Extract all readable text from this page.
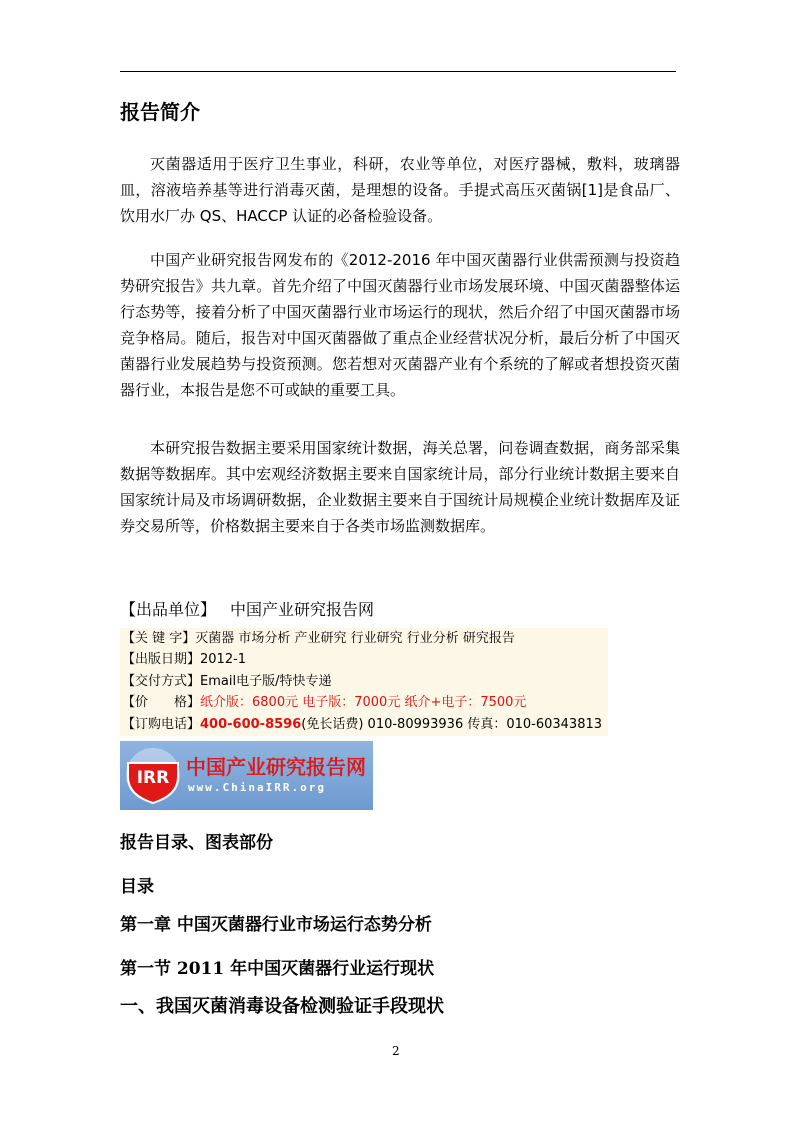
报告简介
灭菌器适用于医疗卫生事业，科研，农业等单位，对医疗器械，敷料，玻璃器皿，溶液培养基等进行消毒灭菌，是理想的设备。手提式高压灭菌锅[1]是食品厂、饮用水厂办 QS、HACCP 认证的必备检验设备。
中国产业研究报告网发布的《2012-2016 年中国灭菌器行业供需预测与投资趋势研究报告》共九章。首先介绍了中国灭菌器行业市场发展环境、中国灭菌器整体运行态势等，接着分析了中国灭菌器行业市场运行的现状，然后介绍了中国灭菌器市场竞争格局。随后，报告对中国灭菌器做了重点企业经营状况分析，最后分析了中国灭菌器行业发展趋势与投资预测。您若想对灭菌器产业有个系统的了解或者想投资灭菌器行业，本报告是您不可或缺的重要工具。
本研究报告数据主要采用国家统计数据，海关总署，问卷调查数据，商务部采集数据等数据库。其中宏观经济数据主要来自国家统计局，部分行业统计数据主要来自国家统计局及市场调研数据，企业数据主要来自于国统计局规模企业统计数据库及证券交易所等，价格数据主要来自于各类市场监测数据库。
【出品单位】 中国产业研究报告网
【关 键 字】灭菌器 市场分析 产业研究 行业研究 行业分析 研究报告
【出版日期】2012-1
【交付方式】Email电子版/特快专递
【价　　格】纸介版：6800元 电子版：7000元 纸介+电子：7500元
【订购电话】400-600-8596(免长话费) 010-80993936 传真：010-60343813
IRR 中国产业研究报告网
www.ChinaIRR.org
报告目录、图表部份
目录
第一章 中国灭菌器行业市场运行态势分析
第一节 2011 年中国灭菌器行业运行现状
一、我国灭菌消毒设备检测验证手段现状
2
